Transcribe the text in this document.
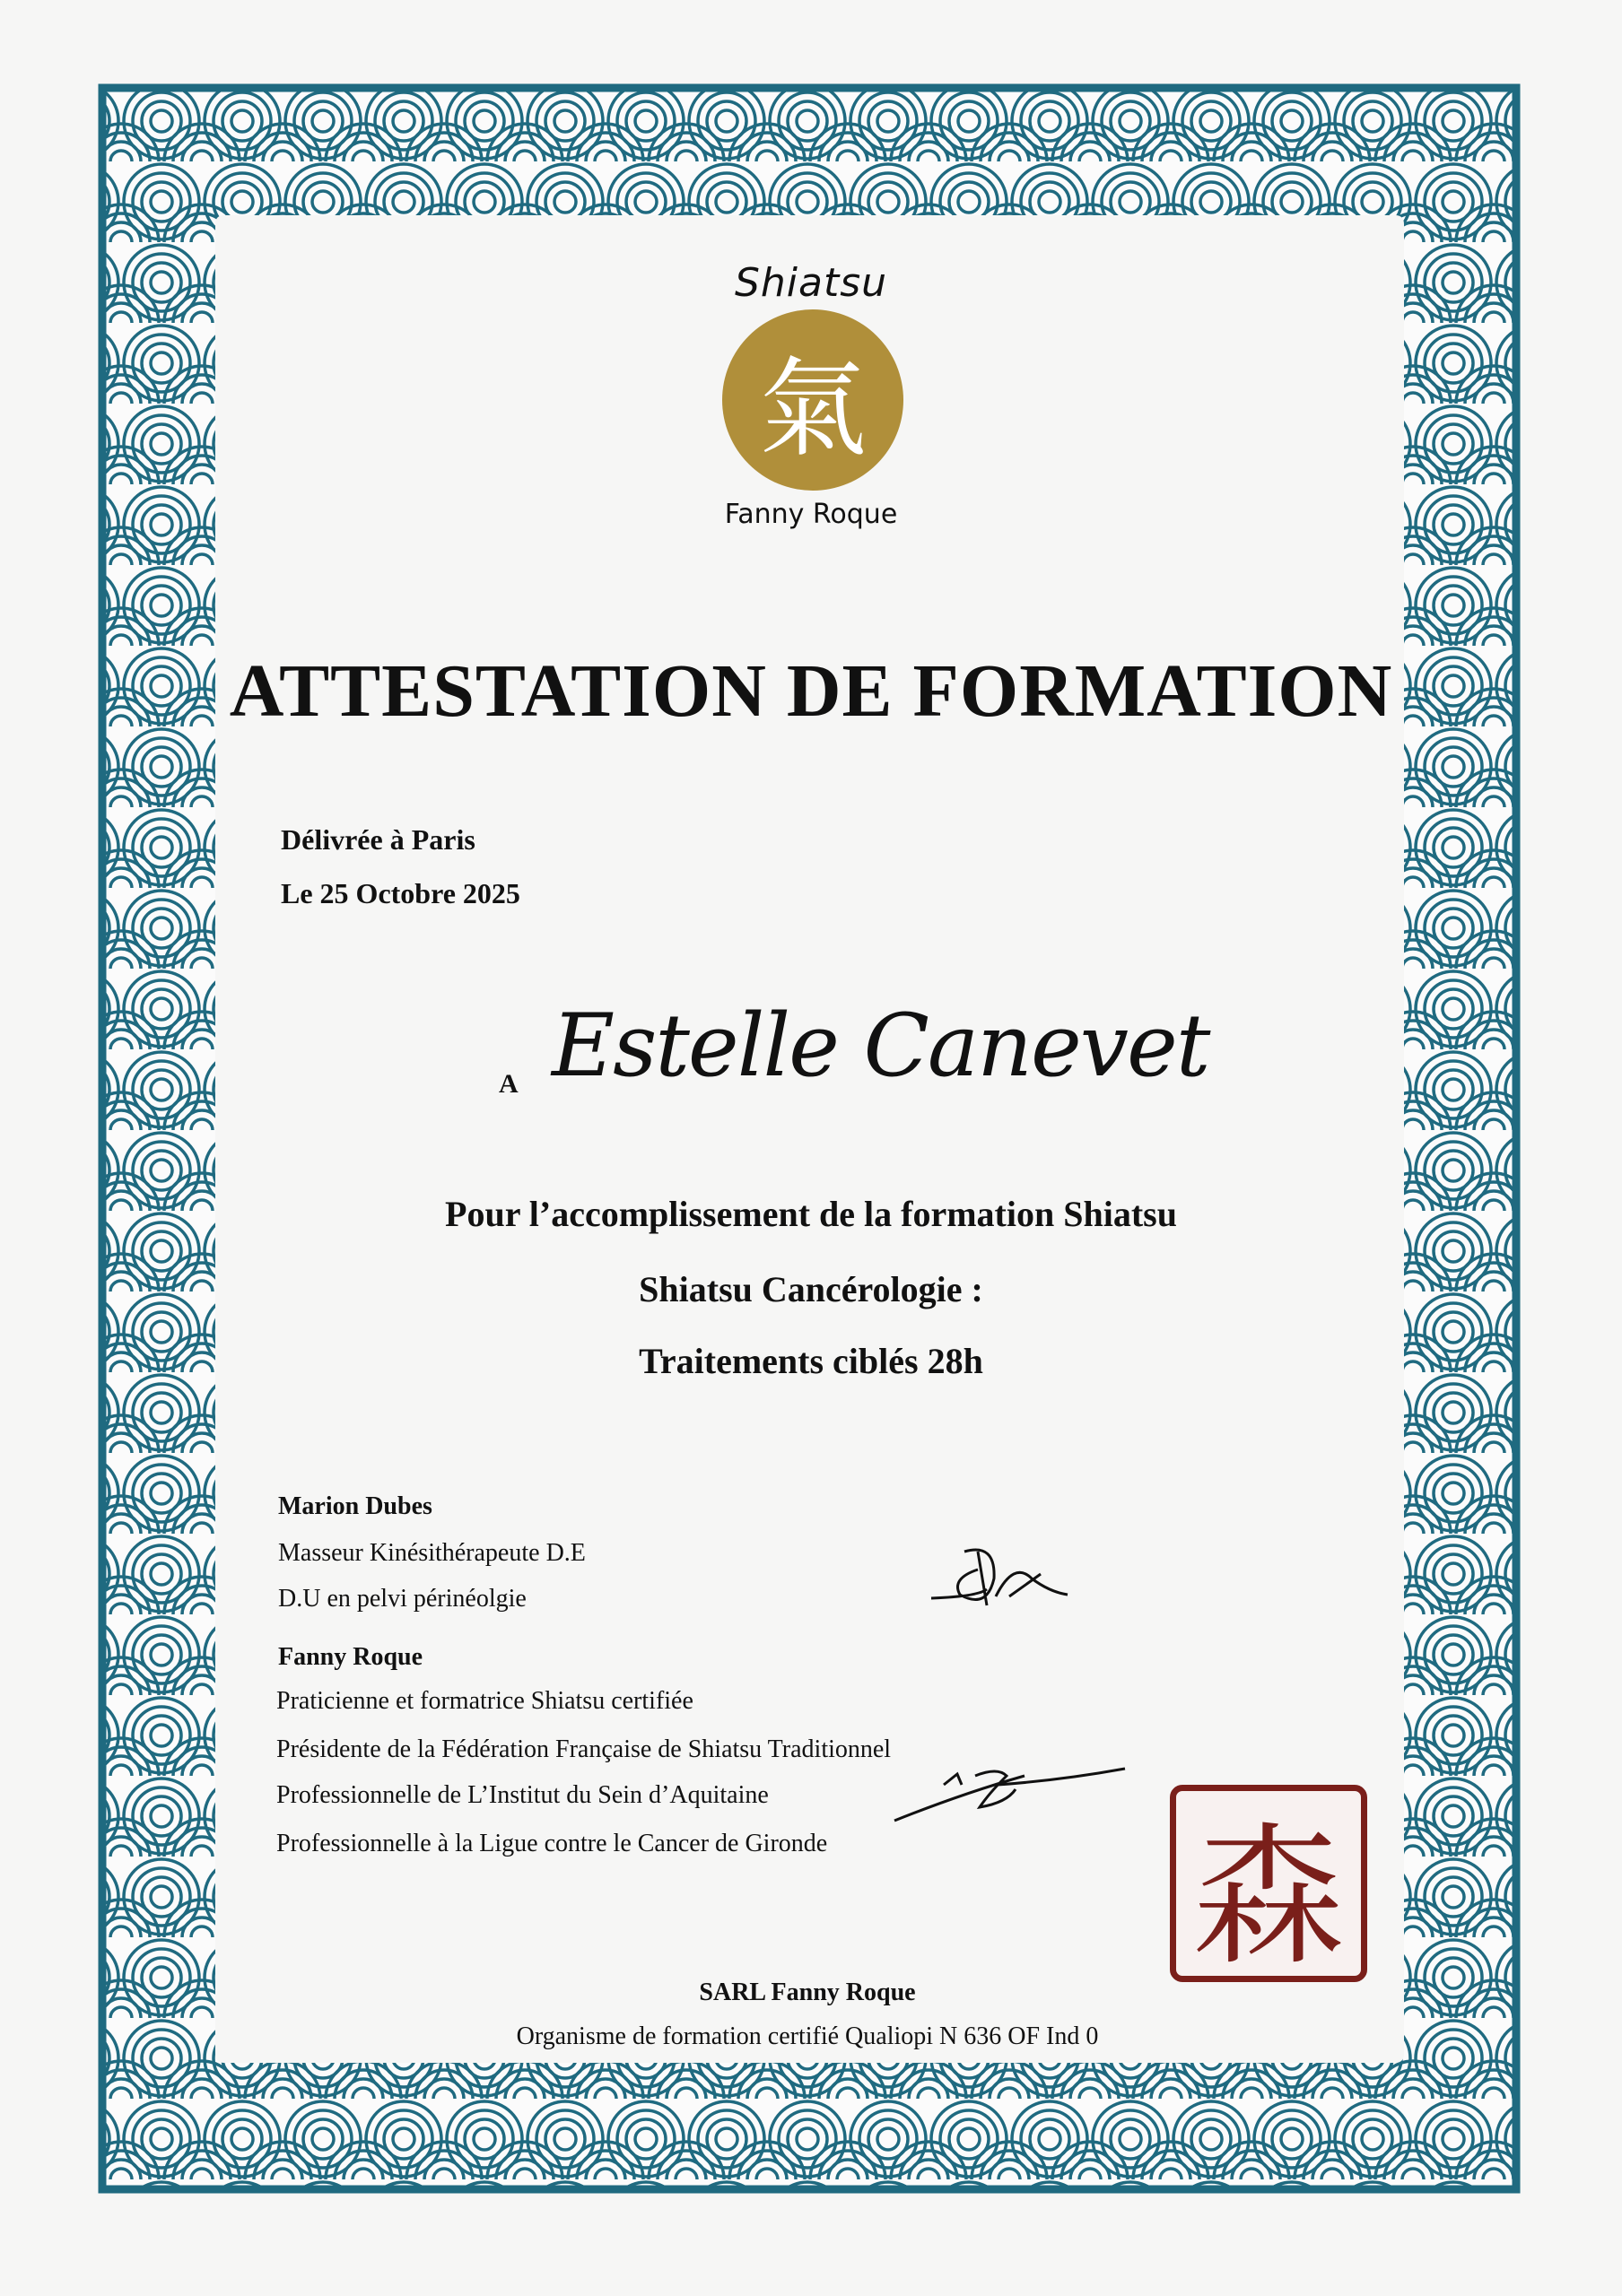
Shiatsu
氣
Fanny Roque
ATTESTATION DE FORMATION
Délivrée à Paris
Le 25 Octobre 2025
A Estelle Canevet
Pour l’accomplissement de la formation Shiatsu
Shiatsu Cancérologie :
Traitements ciblés 28h
Marion Dubes
Masseur Kinésithérapeute D.E
D.U en pelvi périnéolgie
Fanny Roque
Praticienne et formatrice Shiatsu certifiée
Présidente de la Fédération Française de Shiatsu Traditionnel
Professionnelle de L’Institut du Sein d’Aquitaine
Professionnelle à la Ligue contre le Cancer de Gironde 森
SARL Fanny Roque
Organisme de formation certifié Qualiopi N 636 OF Ind 0
